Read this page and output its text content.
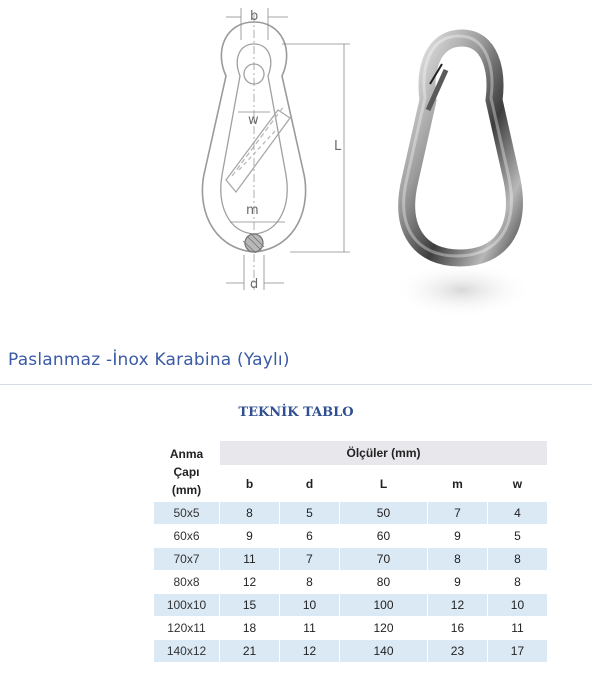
b
w
L
m
d
Paslanmaz -İnox Karabina (Yaylı)
TEKNİK TABLO
Anma
Çapı
(mm)	Ölçüler (mm)				
	b	d	L	m	w
50x5	8	5	50	7	4
60x6	9	6	60	9	5
70x7	11	7	70	8	8
80x8	12	8	80	9	8
100x10	15	10	100	12	10
120x11	18	11	120	16	11
140x12	21	12	140	23	17
